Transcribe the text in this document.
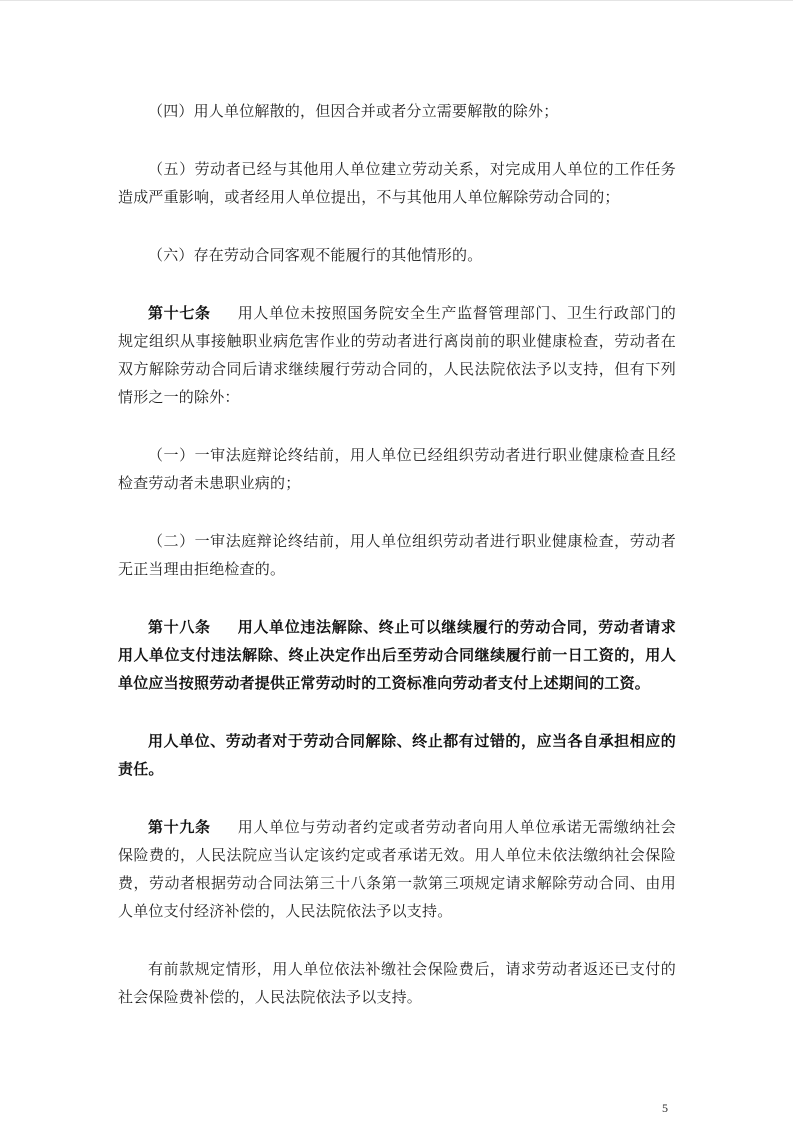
（四）用人单位解散的，但因合并或者分立需要解散的除外；

（五）劳动者已经与其他用人单位建立劳动关系，对完成用人单位的工作任务造成严重影响，或者经用人单位提出，不与其他用人单位解除劳动合同的；

（六）存在劳动合同客观不能履行的其他情形的。

第十七条 用人单位未按照国务院安全生产监督管理部门、卫生行政部门的规定组织从事接触职业病危害作业的劳动者进行离岗前的职业健康检查，劳动者在双方解除劳动合同后请求继续履行劳动合同的，人民法院依法予以支持，但有下列情形之一的除外：

（一）一审法庭辩论终结前，用人单位已经组织劳动者进行职业健康检查且经检查劳动者未患职业病的；

（二）一审法庭辩论终结前，用人单位组织劳动者进行职业健康检查，劳动者无正当理由拒绝检查的。

第十八条 用人单位违法解除、终止可以继续履行的劳动合同，劳动者请求用人单位支付违法解除、终止决定作出后至劳动合同继续履行前一日工资的，用人单位应当按照劳动者提供正常劳动时的工资标准向劳动者支付上述期间的工资。

用人单位、劳动者对于劳动合同解除、终止都有过错的，应当各自承担相应的责任。

第十九条 用人单位与劳动者约定或者劳动者向用人单位承诺无需缴纳社会保险费的，人民法院应当认定该约定或者承诺无效。用人单位未依法缴纳社会保险费，劳动者根据劳动合同法第三十八条第一款第三项规定请求解除劳动合同、由用人单位支付经济补偿的，人民法院依法予以支持。

有前款规定情形，用人单位依法补缴社会保险费后，请求劳动者返还已支付的社会保险费补偿的，人民法院依法予以支持。

5
